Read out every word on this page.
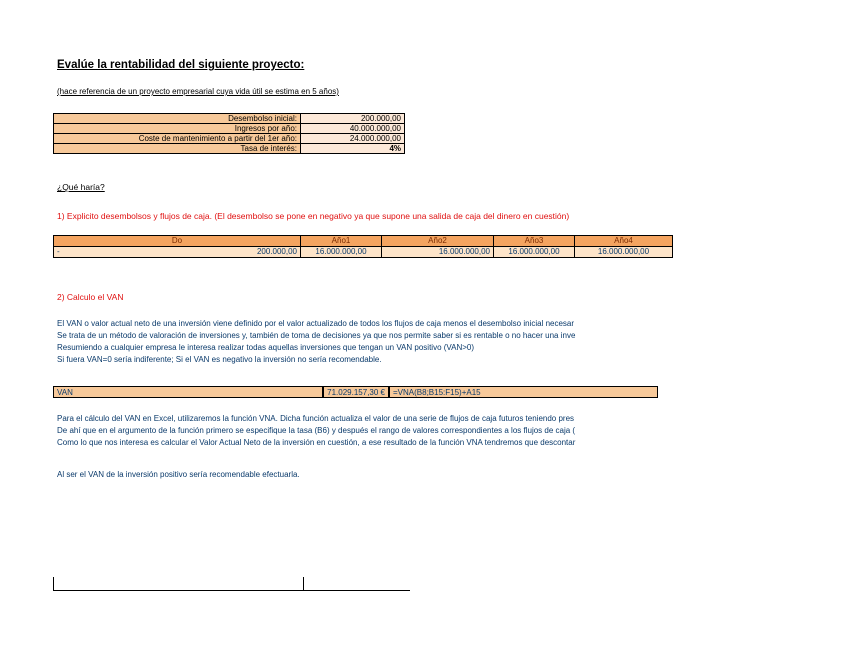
Evalúe la rentabilidad del siguiente proyecto:
(hace referencia de un proyecto empresarial cuya vida útil se estima en 5 años)
Desembolso inicial:	200.000,00
Ingresos por año:	40.000.000,00
Coste de mantenimiento a partir del 1er año:	24.000.000,00
Tasa de interés:	4%
¿Qué haría?
1) Explicito desembolsos y flujos de caja. (El desembolso se pone en negativo ya que supone una salida de caja del dinero en cuestión)
Do	Año1	Año2	Año3	Año4

- 200.000,00	16.000.000,00	16.000.000,00	16.000.000,00	16.000.000,00
2) Calculo el VAN
El VAN o valor actual neto de una inversión viene definido por el valor actualizado de todos los flujos de caja menos el desembolso inicial necesar
Se trata de un método de valoración de inversiones y, también de toma de decisiones ya que nos permite saber si es rentable o no hacer una inve
Resumiendo a cualquier empresa le interesa realizar todas aquellas inversiones que tengan un VAN positivo (VAN>0)
Si fuera VAN=0 sería indiferente; Si el VAN es negativo la inversión no sería recomendable.
VAN	71.029.157,30 €	=VNA(B8;B15:F15)+A15
Para el cálculo del VAN en Excel, utilizaremos la función VNA. Dicha función actualiza el valor de una serie de flujos de caja futuros teniendo pres
De ahí que en el argumento de la función primero se especifique la tasa (B6) y después el rango de valores correspondientes a los flujos de caja (
Como lo que nos interesa es calcular el Valor Actual Neto de la inversión en cuestión, a ese resultado de la función VNA tendremos que descontar
Al ser el VAN de la inversión positivo sería recomendable efectuarla.
